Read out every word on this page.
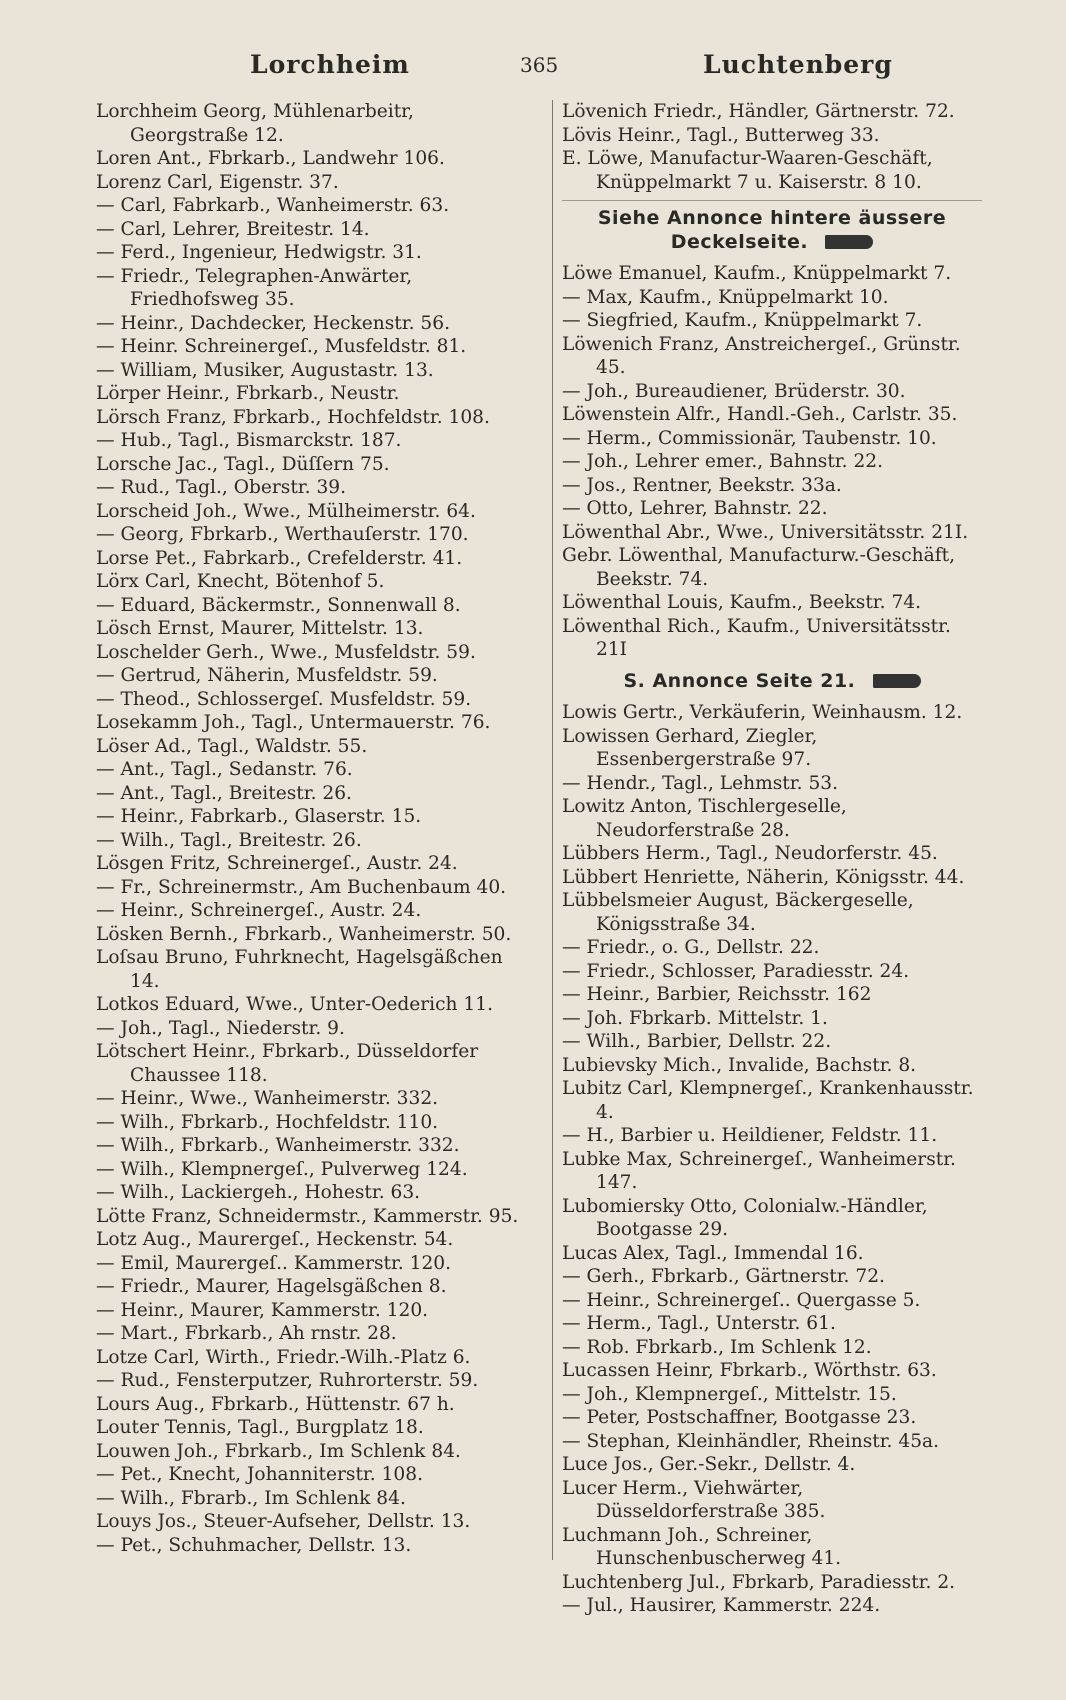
Lorchheim	365	Luchtenberg
Lorchheim Georg, Mühlenarbeitr, Georgstraße 12.
Loren Ant., Fbrkarb., Landwehr 106.
Lorenz Carl, Eigenstr. 37.
— Carl, Fabrkarb., Wanheimerstr. 63.
— Carl, Lehrer, Breitestr. 14.
— Ferd., Ingenieur, Hedwigstr. 31.
— Friedr., Telegraphen-Anwärter, Friedhofsweg 35.
— Heinr., Dachdecker, Heckenstr. 56.
— Heinr. Schreinergeſ., Musfeldstr. 81.
— William, Musiker, Augustastr. 13.
Lörper Heinr., Fbrkarb., Neustr.
Lörsch Franz, Fbrkarb., Hochfeldstr. 108.
— Hub., Tagl., Bismarckstr. 187.
Lorsche Jac., Tagl., Düſſern 75.
— Rud., Tagl., Oberstr. 39.
Lorscheid Joh., Wwe., Mülheimerstr. 64.
— Georg, Fbrkarb., Werthauſerstr. 170.
Lorse Pet., Fabrkarb., Crefelderstr. 41.
Lörx Carl, Knecht, Bötenhof 5.
— Eduard, Bäckermstr., Sonnenwall 8.
Lösch Ernst, Maurer, Mittelstr. 13.
Loschelder Gerh., Wwe., Musfeldstr. 59.
— Gertrud, Näherin, Musfeldstr. 59.
— Theod., Schlossergeſ. Musfeldstr. 59.
Losekamm Joh., Tagl., Untermauerstr. 76.
Löser Ad., Tagl., Waldstr. 55.
— Ant., Tagl., Sedanstr. 76.
— Ant., Tagl., Breitestr. 26.
— Heinr., Fabrkarb., Glaserstr. 15.
— Wilh., Tagl., Breitestr. 26.
Lösgen Fritz, Schreinergeſ., Austr. 24.
— Fr., Schreinermstr., Am Buchenbaum 40.
— Heinr., Schreinergeſ., Austr. 24.
Lösken Bernh., Fbrkarb., Wanheimerstr. 50.
Loſsau Bruno, Fuhrknecht, Hagelsgäßchen 14.
Lotkos Eduard, Wwe., Unter-Oederich 11.
— Joh., Tagl., Niederstr. 9.
Lötschert Heinr., Fbrkarb., Düsseldorfer Chaussee 118.
— Heinr., Wwe., Wanheimerstr. 332.
— Wilh., Fbrkarb., Hochfeldstr. 110.
— Wilh., Fbrkarb., Wanheimerstr. 332.
— Wilh., Klempnergeſ., Pulverweg 124.
— Wilh., Lackiergeh., Hohestr. 63.
Lötte Franz, Schneidermstr., Kammerstr. 95.
Lotz Aug., Maurergeſ., Heckenstr. 54.
— Emil, Maurergeſ.. Kammerstr. 120.
— Friedr., Maurer, Hagelsgäßchen 8.
— Heinr., Maurer, Kammerstr. 120.
— Mart., Fbrkarb., Ah rnstr. 28.
Lotze Carl, Wirth., Friedr.-Wilh.-Platz 6.
— Rud., Fensterputzer, Ruhrorterstr. 59.
Lours Aug., Fbrkarb., Hüttenstr. 67 h.
Louter Tennis, Tagl., Burgplatz 18.
Louwen Joh., Fbrkarb., Im Schlenk 84.
— Pet., Knecht, Johanniterstr. 108.
— Wilh., Fbrarb., Im Schlenk 84.
Louys Jos., Steuer-Aufseher, Dellstr. 13.
— Pet., Schuhmacher, Dellstr. 13.
Lövenich Friedr., Händler, Gärtnerstr. 72.
Lövis Heinr., Tagl., Butterweg 33.
E. Löwe, Manufactur-Waaren-Geschäft, Knüppelmarkt 7 u. Kaiserstr. 8 10.
Siehe Annonce hintere äussere Deckelseite.
Löwe Emanuel, Kaufm., Knüppelmarkt 7.
— Max, Kaufm., Knüppelmarkt 10.
— Siegfried, Kaufm., Knüppelmarkt 7.
Löwenich Franz, Anstreichergeſ., Grünstr. 45.
— Joh., Bureaudiener, Brüderstr. 30.
Löwenstein Alfr., Handl.-Geh., Carlstr. 35.
— Herm., Commissionär, Taubenstr. 10.
— Joh., Lehrer emer., Bahnstr. 22.
— Jos., Rentner, Beekstr. 33a.
— Otto, Lehrer, Bahnstr. 22.
Löwenthal Abr., Wwe., Universitätsstr. 21I.
Gebr. Löwenthal, Manufacturw.-Geschäft, Beekstr. 74.
Löwenthal Louis, Kaufm., Beekstr. 74.
Löwenthal Rich., Kaufm., Universitätsstr. 21I
S. Annonce Seite 21.
Lowis Gertr., Verkäuferin, Weinhausm. 12.
Lowissen Gerhard, Ziegler, Essenbergerstraße 97.
— Hendr., Tagl., Lehmstr. 53.
Lowitz Anton, Tischlergeselle, Neudorferstraße 28.
Lübbers Herm., Tagl., Neudorferstr. 45.
Lübbert Henriette, Näherin, Königsstr. 44.
Lübbelsmeier August, Bäckergeselle, Königsstraße 34.
— Friedr., o. G., Dellstr. 22.
— Friedr., Schlosser, Paradiesstr. 24.
— Heinr., Barbier, Reichsstr. 162
— Joh. Fbrkarb. Mittelstr. 1.
— Wilh., Barbier, Dellstr. 22.
Lubievsky Mich., Invalide, Bachstr. 8.
Lubitz Carl, Klempnergeſ., Krankenhausstr. 4.
— H., Barbier u. Heildiener, Feldstr. 11.
Lubke Max, Schreinergeſ., Wanheimerstr. 147.
Lubomiersky Otto, Colonialw.-Händler, Bootgasse 29.
Lucas Alex, Tagl., Immendal 16.
— Gerh., Fbrkarb., Gärtnerstr. 72.
— Heinr., Schreinergeſ.. Quergasse 5.
— Herm., Tagl., Unterstr. 61.
— Rob. Fbrkarb., Im Schlenk 12.
Lucassen Heinr, Fbrkarb., Wörthstr. 63.
— Joh., Klempnergeſ., Mittelstr. 15.
— Peter, Postschaffner, Bootgasse 23.
— Stephan, Kleinhändler, Rheinstr. 45a.
Luce Jos., Ger.-Sekr., Dellstr. 4.
Lucer Herm., Viehwärter, Düsseldorferstraße 385.
Luchmann Joh., Schreiner, Hunschenbuscherweg 41.
Luchtenberg Jul., Fbrkarb, Paradiesstr. 2.
— Jul., Hausirer, Kammerstr. 224.
